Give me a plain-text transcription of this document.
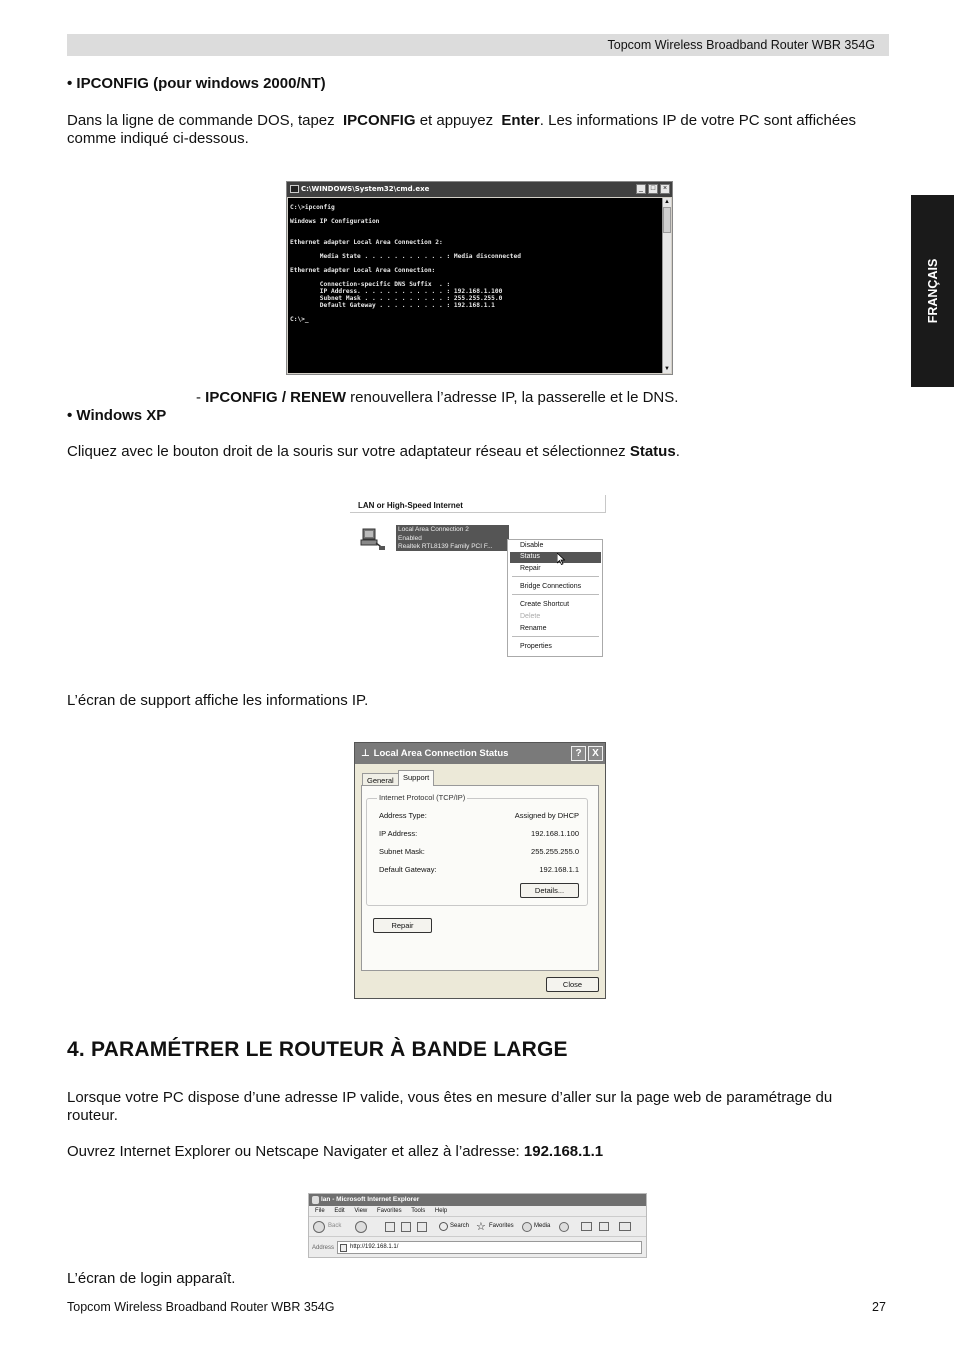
Topcom Wireless Broadband Router WBR 354G
FRANÇAIS
• IPCONFIG (pour windows 2000/NT)
Dans la ligne de commande DOS, tapez IPCONFIG et appuyez Enter. Les informations IP de votre PC sont affichées
comme indiqué ci-dessous.
C:\WINDOWS\System32\cmd.exe	_	□	×
C:\>ipconfig

Windows IP Configuration

Ethernet adapter Local Area Connection 2:

Media State . . . . . . . . . . . : Media disconnected

Ethernet adapter Local Area Connection:

Connection-specific DNS Suffix  . :
IP Address. . . . . . . . . . . . : 192.168.1.100
Subnet Mask . . . . . . . . . . . : 255.255.255.0
Default Gateway . . . . . . . . . : 192.168.1.1

C:\>_
▲
▼
- IPCONFIG / RENEW renouvellera l’adresse IP, la passerelle et le DNS.
• Windows XP
Cliquez avec le bouton droit de la souris sur votre adaptateur réseau et sélectionnez Status.
LAN or High-Speed Internet
Local Area Connection 2
Enabled
Realtek RTL8139 Family PCI F...	Disable
Status
Repair
Bridge Connections
Create Shortcut
Delete
Rename
Properties
L’écran de support affiche les informations IP.
⊥ Local Area Connection Status	?	X
General	Support
Internet Protocol (TCP/IP)
Address Type:	Assigned by DHCP
IP Address:	192.168.1.100
Subnet Mask:	255.255.255.0
Default Gateway:	192.168.1.1
Details...
Repair
Close
4. PARAMÉTRER LE ROUTEUR À BANDE LARGE
Lorsque votre PC dispose d’une adresse IP valide, vous êtes en mesure d’aller sur la page web de paramétrage du
routeur.
Ouvrez Internet Explorer ou Netscape Navigater et allez à l’adresse: 192.168.1.1
lan - Microsoft Internet Explorer
File Edit View Favorites Tools Help
Back	Search ☆ Favorites	Media
Address	http://192.168.1.1/
L’écran de login apparaît.
Topcom Wireless Broadband Router WBR 354G	27
